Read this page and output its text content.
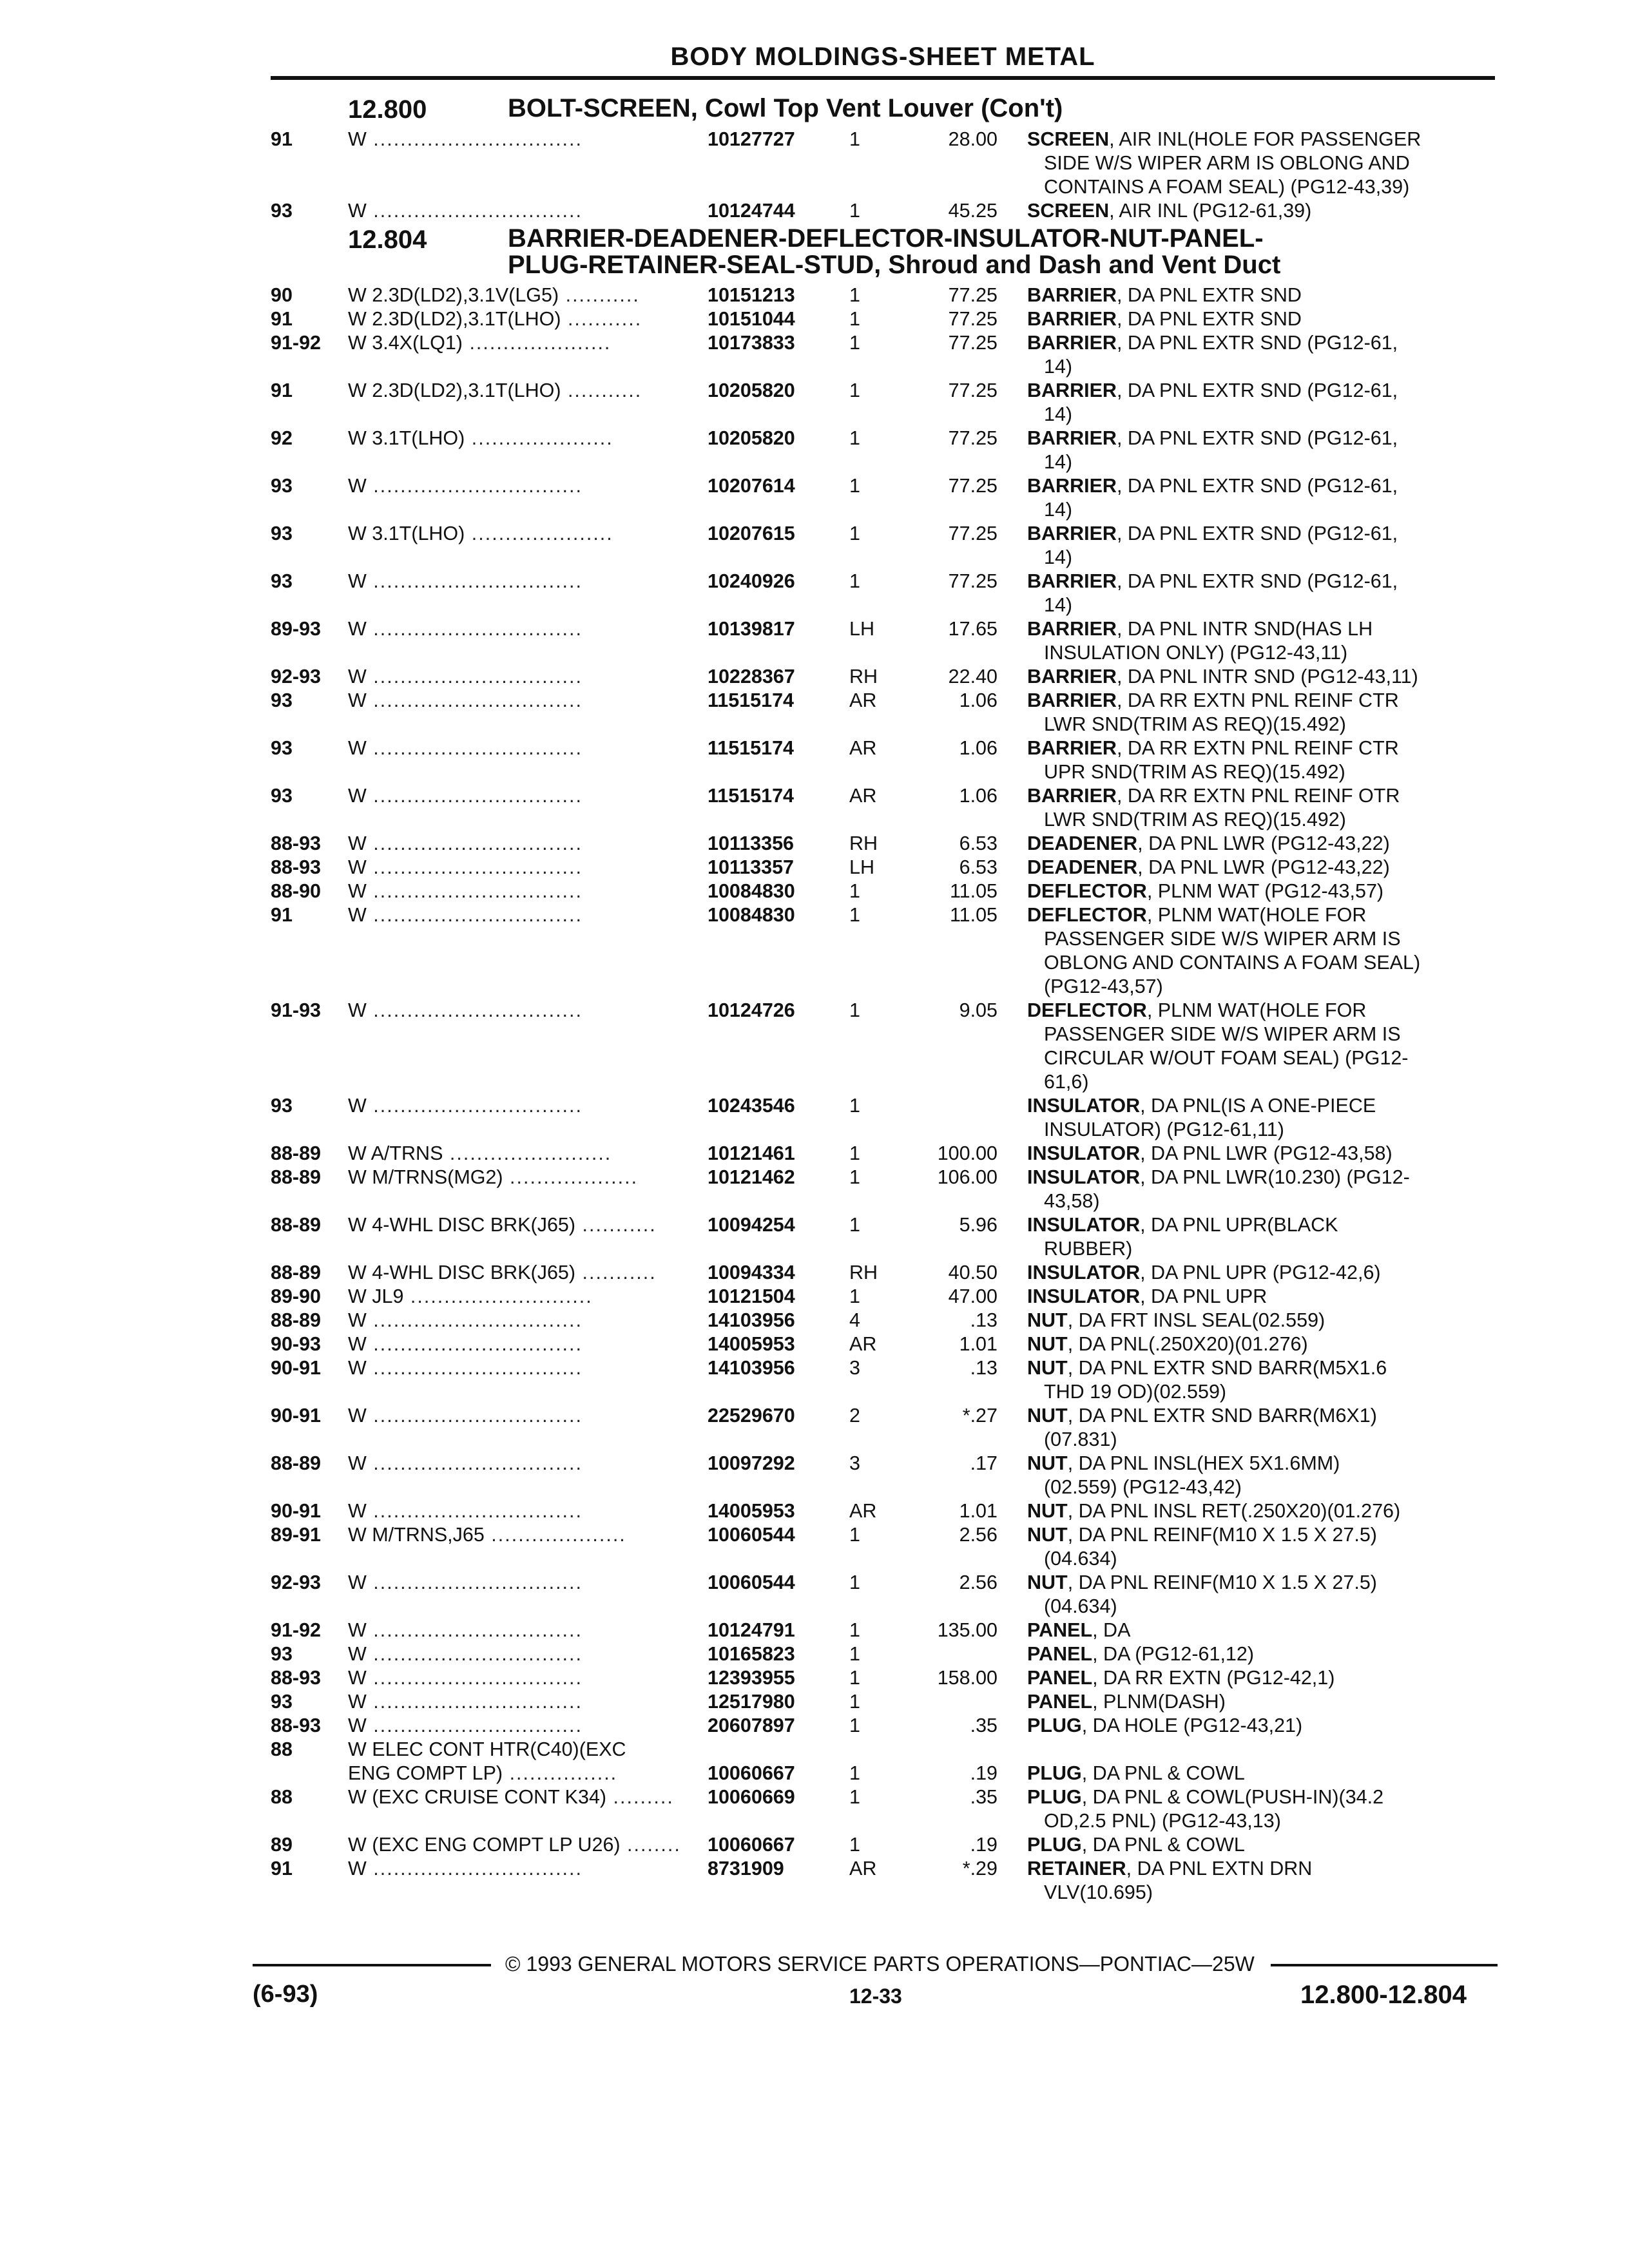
BODY MOLDINGS-SHEET METAL
12.800	BOLT-SCREEN, Cowl Top Vent Louver (Con't)
91	W ...............................	10127727	1	28.00 SCREEN, AIR INL(HOLE FOR PASSENGER
SIDE W/S WIPER ARM IS OBLONG AND
CONTAINS A FOAM SEAL) (PG12-43,39)
93	W ...............................	10124744	1	45.25 SCREEN, AIR INL (PG12-61,39)
12.804	BARRIER-DEADENER-DEFLECTOR-INSULATOR-NUT-PANEL-
PLUG-RETAINER-SEAL-STUD, Shroud and Dash and Vent Duct
90	W 2.3D(LD2),3.1V(LG5) ...........	10151213	1	77.25 BARRIER, DA PNL EXTR SND
91	W 2.3D(LD2),3.1T(LHO) ...........	10151044	1	77.25 BARRIER, DA PNL EXTR SND
91-92 W 3.4X(LQ1) .....................	10173833	1	77.25 BARRIER, DA PNL EXTR SND (PG12-61,
14)
91	W 2.3D(LD2),3.1T(LHO) ...........	10205820	1	77.25 BARRIER, DA PNL EXTR SND (PG12-61,
14)
92	W 3.1T(LHO) .....................	10205820	1	77.25 BARRIER, DA PNL EXTR SND (PG12-61,
14)
93	W ...............................	10207614	1	77.25 BARRIER, DA PNL EXTR SND (PG12-61,
14)
93	W 3.1T(LHO) .....................	10207615	1	77.25 BARRIER, DA PNL EXTR SND (PG12-61,
14)
93	W ...............................	10240926	1	77.25 BARRIER, DA PNL EXTR SND (PG12-61,
14)
89-93 W ...............................	10139817	LH	17.65 BARRIER, DA PNL INTR SND(HAS LH
INSULATION ONLY) (PG12-43,11)
92-93 W ...............................	10228367	RH	22.40 BARRIER, DA PNL INTR SND (PG12-43,11)
93	W ...............................	11515174	AR	1.06 BARRIER, DA RR EXTN PNL REINF CTR
LWR SND(TRIM AS REQ)(15.492)
93	W ...............................	11515174	AR	1.06 BARRIER, DA RR EXTN PNL REINF CTR
UPR SND(TRIM AS REQ)(15.492)
93	W ...............................	11515174	AR	1.06 BARRIER, DA RR EXTN PNL REINF OTR
LWR SND(TRIM AS REQ)(15.492)
88-93 W ...............................	10113356	RH	6.53 DEADENER, DA PNL LWR (PG12-43,22)
88-93 W ...............................	10113357	LH	6.53 DEADENER, DA PNL LWR (PG12-43,22)
88-90 W ...............................	10084830	1	11.05 DEFLECTOR, PLNM WAT (PG12-43,57)
91	W ...............................	10084830	1	11.05 DEFLECTOR, PLNM WAT(HOLE FOR
PASSENGER SIDE W/S WIPER ARM IS
OBLONG AND CONTAINS A FOAM SEAL)
(PG12-43,57)
91-93 W ...............................	10124726	1	9.05 DEFLECTOR, PLNM WAT(HOLE FOR
PASSENGER SIDE W/S WIPER ARM IS
CIRCULAR W/OUT FOAM SEAL) (PG12-
61,6)
93	W ...............................	10243546	1	INSULATOR, DA PNL(IS A ONE-PIECE
INSULATOR) (PG12-61,11)
88-89 W A/TRNS ........................	10121461	1	100.00 INSULATOR, DA PNL LWR (PG12-43,58)
88-89 W M/TRNS(MG2) ...................	10121462	1	106.00 INSULATOR, DA PNL LWR(10.230) (PG12-
43,58)
88-89 W 4-WHL DISC BRK(J65) ...........	10094254	1	5.96 INSULATOR, DA PNL UPR(BLACK
RUBBER)
88-89 W 4-WHL DISC BRK(J65) ...........	10094334	RH	40.50 INSULATOR, DA PNL UPR (PG12-42,6)
89-90 W JL9 ...........................	10121504	1	47.00 INSULATOR, DA PNL UPR
88-89 W ...............................	14103956	4	.13 NUT, DA FRT INSL SEAL(02.559)
90-93 W ...............................	14005953	AR	1.01 NUT, DA PNL(.250X20)(01.276)
90-91 W ...............................	14103956	3	.13 NUT, DA PNL EXTR SND BARR(M5X1.6
THD 19 OD)(02.559)
90-91 W ...............................	22529670	2	*.27 NUT, DA PNL EXTR SND BARR(M6X1)
(07.831)
88-89 W ...............................	10097292	3	.17 NUT, DA PNL INSL(HEX 5X1.6MM)
(02.559) (PG12-43,42)
90-91 W ...............................	14005953	AR	1.01 NUT, DA PNL INSL RET(.250X20)(01.276)
89-91 W M/TRNS,J65 ....................	10060544	1	2.56 NUT, DA PNL REINF(M10 X 1.5 X 27.5)
(04.634)
92-93 W ...............................	10060544	1	2.56 NUT, DA PNL REINF(M10 X 1.5 X 27.5)
(04.634)
91-92 W ...............................	10124791	1	135.00 PANEL, DA
93	W ...............................	10165823	1	PANEL, DA (PG12-61,12)
88-93 W ...............................	12393955	1	158.00 PANEL, DA RR EXTN (PG12-42,1)
93	W ...............................	12517980	1	PANEL, PLNM(DASH)
88-93 W ...............................	20607897	1	.35 PLUG, DA HOLE (PG12-43,21)
88	W ELEC CONT HTR(C40)(EXC
ENG COMPT LP) ................	10060667	1	.19 PLUG, DA PNL & COWL
88	W (EXC CRUISE CONT K34) .........	10060669	1	.35 PLUG, DA PNL & COWL(PUSH-IN)(34.2
OD,2.5 PNL) (PG12-43,13)
89	W (EXC ENG COMPT LP U26) ........ 10060667	1	.19 PLUG, DA PNL & COWL
91	W ...............................	8731909	AR	*.29 RETAINER, DA PNL EXTN DRN
VLV(10.695)
© 1993 GENERAL MOTORS SERVICE PARTS OPERATIONS—PONTIAC—25W
(6-93)	12-33	12.800-12.804
